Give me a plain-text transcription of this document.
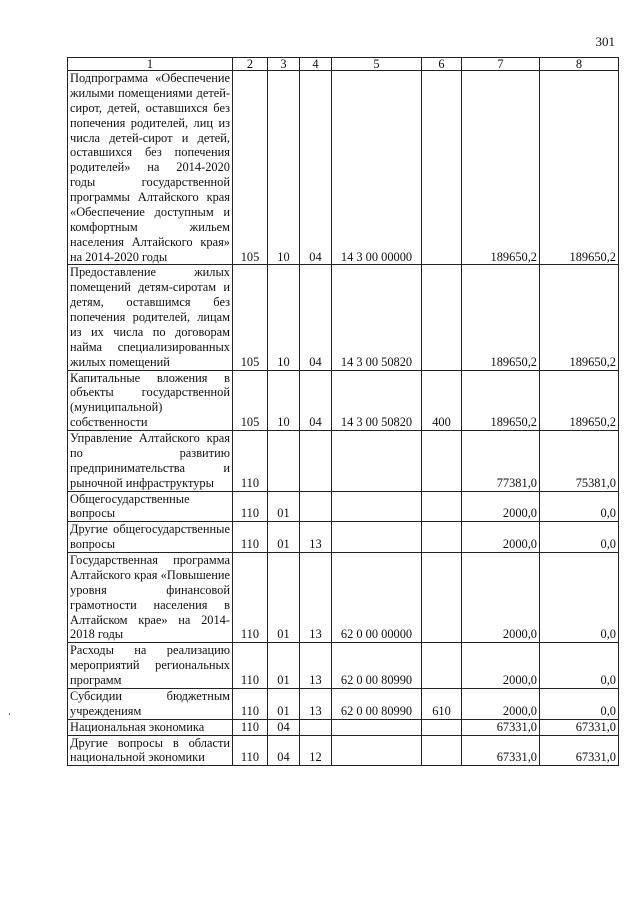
301
1	2	3	4	5	6	7	8
Подпрограмма «Обеспечение жилыми помещениями детей-сирот, детей, оставшихся без попечения родителей, лиц из числа детей-сирот и детей, оставшихся без попечения родителей» на 2014-2020 годы государственной программы Алтайского края «Обеспечение доступным и комфортным жильем населения Алтайского края» на 2014-2020 годы	105	10	04	14 3 00 00000		189650,2	189650,2
Предоставление жилых помещений детям-сиротам и детям, оставшимся без попечения родителей, лицам из их числа по договорам найма специализированных жилых помещений	105	10	04	14 3 00 50820		189650,2	189650,2
Капитальные вложения в объекты государственной (муниципальной) собственности	105	10	04	14 3 00 50820	400	189650,2	189650,2
Управление Алтайского края по развитию предпринимательства и рыночной инфраструктуры	110					77381,0	75381,0
Общегосударственные вопросы	110	01				2000,0	0,0
Другие общегосударственные вопросы	110	01	13			2000,0	0,0
Государственная программа Алтайского края «Повышение уровня финансовой грамотности населения в Алтайском крае» на 2014-2018 годы	110	01	13	62 0 00 00000		2000,0	0,0
Расходы на реализацию мероприятий региональных программ	110	01	13	62 0 00 80990		2000,0	0,0
Субсидии бюджетным учреждениям	110	01	13	62 0 00 80990	610	2000,0	0,0
Национальная экономика	110	04				67331,0	67331,0
Другие вопросы в области национальной экономики	110	04	12			67331,0	67331,0
